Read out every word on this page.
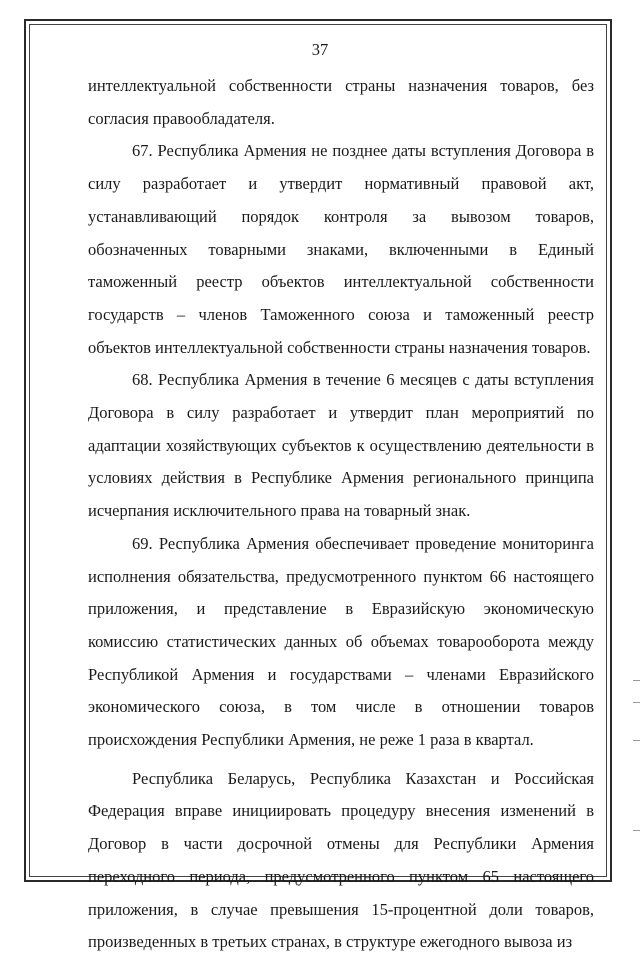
37

интеллектуальной собственности страны назначения товаров, без согласия правообладателя.

67. Республика Армения не позднее даты вступления Договора в силу разработает и утвердит нормативный правовой акт, устанавливающий порядок контроля за вывозом товаров, обозначенных товарными знаками, включенными в Единый таможенный реестр объектов интеллектуальной собственности государств – членов Таможенного союза и таможенный реестр объектов интеллектуальной собственности страны назначения товаров.

68. Республика Армения в течение 6 месяцев с даты вступления Договора в силу разработает и утвердит план мероприятий по адаптации хозяйствующих субъектов к осуществлению деятельности в условиях действия в Республике Армения регионального принципа исчерпания исключительного права на товарный знак.

69. Республика Армения обеспечивает проведение мониторинга исполнения обязательства, предусмотренного пунктом 66 настоящего приложения, и представление в Евразийскую экономическую комиссию статистических данных об объемах товарооборота между Республикой Армения и государствами – членами Евразийского экономического союза, в том числе в отношении товаров происхождения Республики Армения, не реже 1 раза в квартал.

Республика Беларусь, Республика Казахстан и Российская Федерация вправе инициировать процедуру внесения изменений в Договор в части досрочной отмены для Республики Армения переходного периода, предусмотренного пунктом 65 настоящего приложения, в случае превышения 15-процентной доли товаров, произведенных в третьих странах, в структуре ежегодного вывоза из
